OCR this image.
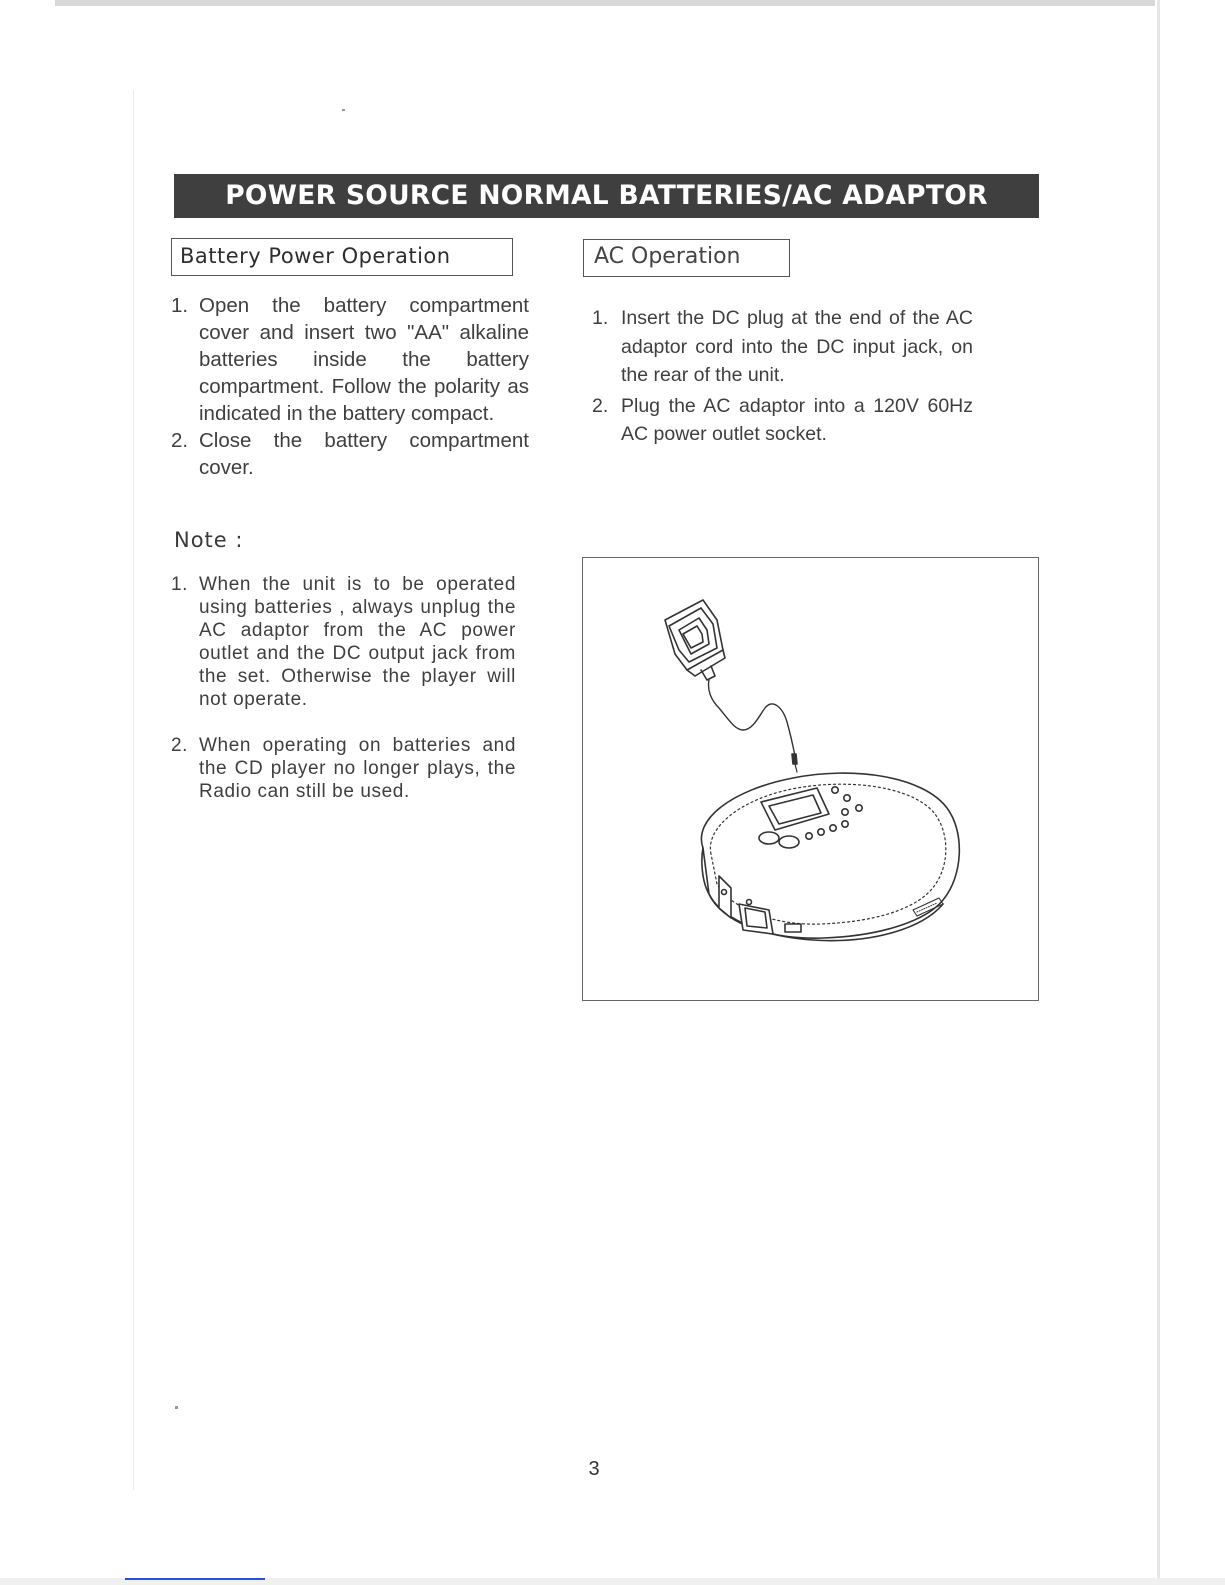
POWER SOURCE NORMAL BATTERIES/AC ADAPTOR
Battery Power Operation
1. Open the battery compartment cover and insert two "AA" alkaline batteries inside the battery compartment. Follow the polarity as indicated in the battery compact.
2. Close the battery compartment cover.
Note :
1. When the unit is to be operated using batteries , always unplug the AC adaptor from the AC power outlet and the DC output jack from the set. Otherwise the player will not operate.
2. When operating on batteries and the CD player no longer plays, the Radio can still be used.
AC Operation
1. Insert the DC plug at the end of the AC adaptor cord into the DC input jack, on the rear of the unit.
2. Plug the AC adaptor into a 120V 60Hz AC power outlet socket.
3
